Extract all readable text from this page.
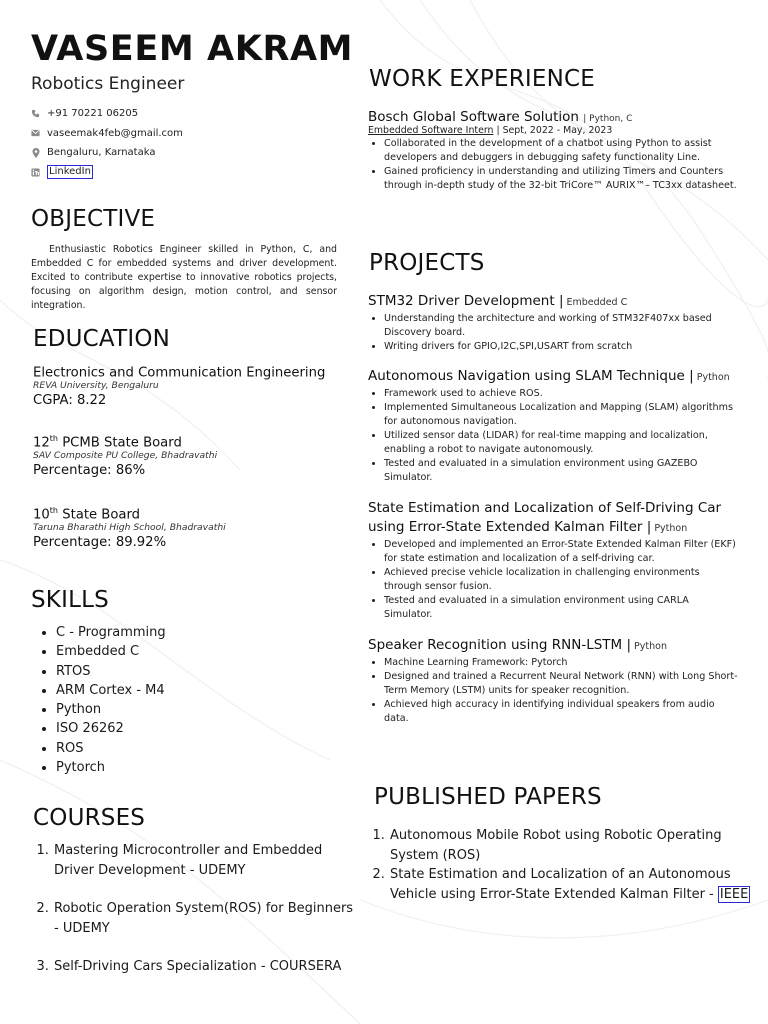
VASEEM AKRAM
Robotics Engineer
+91 70221 06205
vaseemak4feb@gmail.com
Bengaluru, Karnataka
LinkedIn
OBJECTIVE
Enthusiastic Robotics Engineer skilled in Python, C, and Embedded C for embedded systems and driver development. Excited to contribute expertise to innovative robotics projects, focusing on algorithm design, motion control, and sensor integration.
EDUCATION
Electronics and Communication Engineering
REVA University, Bengaluru
CGPA: 8.22
12th PCMB State Board
SAV Composite PU College, Bhadravathi
Percentage: 86%
10th State Board
Taruna Bharathi High School, Bhadravathi
Percentage: 89.92%
SKILLS
• C - Programming
• Embedded C
• RTOS
• ARM Cortex - M4
• Python
• ISO 26262
• ROS
• Pytorch
COURSES
1. Mastering Microcontroller and Embedded Driver Development - UDEMY
2. Robotic Operation System(ROS) for Beginners - UDEMY
3. Self-Driving Cars Specialization - COURSERA
WORK EXPERIENCE
Bosch Global Software Solution | Python, C
Embedded Software Intern | Sept, 2022 - May, 2023
• Collaborated in the development of a chatbot using Python to assist developers and debuggers in debugging safety functionality Line.
• Gained proficiency in understanding and utilizing Timers and Counters through in-depth study of the 32-bit TriCore™ AURIX™– TC3xx datasheet.
PROJECTS
STM32 Driver Development | Embedded C
• Understanding the architecture and working of STM32F407xx based Discovery board.
• Writing drivers for GPIO,I2C,SPI,USART from scratch
Autonomous Navigation using SLAM Technique | Python
• Framework used to achieve ROS.
• Implemented Simultaneous Localization and Mapping (SLAM) algorithms for autonomous navigation.
• Utilized sensor data (LIDAR) for real-time mapping and localization, enabling a robot to navigate autonomously.
• Tested and evaluated in a simulation environment using GAZEBO Simulator.
State Estimation and Localization of Self-Driving Car using Error-State Extended Kalman Filter | Python
• Developed and implemented an Error-State Extended Kalman Filter (EKF) for state estimation and localization of a self-driving car.
• Achieved precise vehicle localization in challenging environments through sensor fusion.
• Tested and evaluated in a simulation environment using CARLA Simulator.
Speaker Recognition using RNN-LSTM | Python
• Machine Learning Framework: Pytorch
• Designed and trained a Recurrent Neural Network (RNN) with Long Short-Term Memory (LSTM) units for speaker recognition.
• Achieved high accuracy in identifying individual speakers from audio data.
PUBLISHED PAPERS
1. Autonomous Mobile Robot using Robotic Operating System (ROS)
2. State Estimation and Localization of an Autonomous Vehicle using Error-State Extended Kalman Filter - IEEE
